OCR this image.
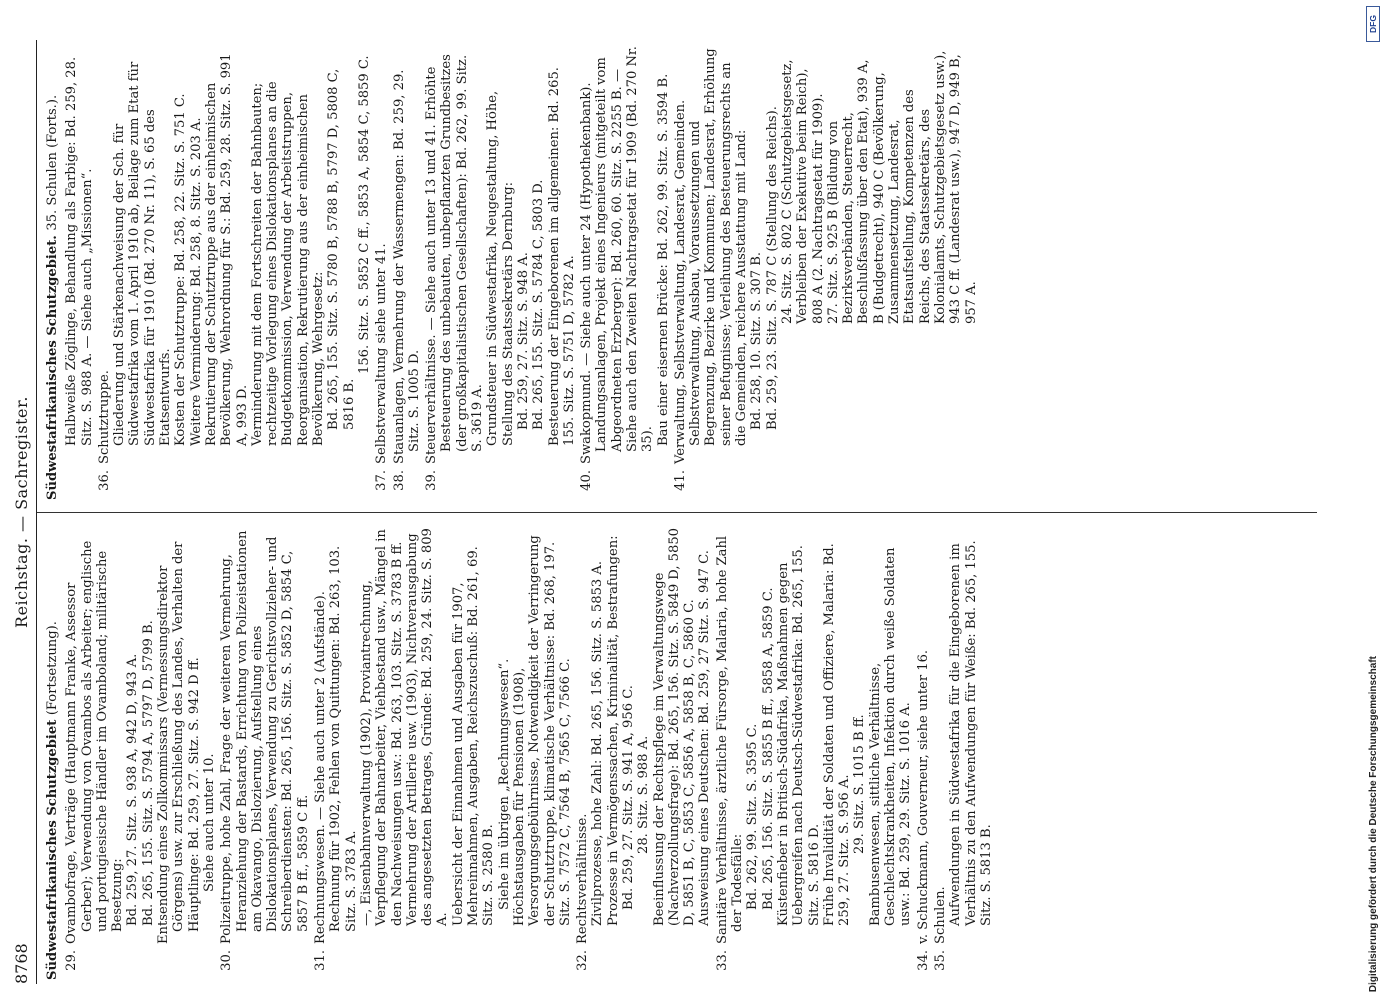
8768
Reichstag. — Sachregister.
Südwestafrikanisches Schutzgebiet (Fortsetzung).
29.
Ovambofrage, Verträge (Hauptmann Franke, Assessor Gerber); Verwendung von Ovambos als Arbeiter; englische und portugiesische Händler im Ovamboland; militärische Besetzung: Bd. 259, 27. Sitz. S. 938 A, 942 D, 943 A. Bd. 265, 155. Sitz. S. 5794 A, 5797 D, 5799 B. Entsendung eines Zollkommissars (Vermessungsdirektor Görgens) usw. zur Erschließung des Landes, Verhalten der Häuptlinge: Bd. 259, 27. Sitz. S. 942 D ff. Siehe auch unter 10.
30.
Polizeitruppe, hohe Zahl, Frage der weiteren Vermehrung, Heranziehung der Bastards, Errichtung von Polizeistationen am Okavango, Dislozierung, Aufstellung eines Dislokationsplanes, Verwendung zu Gerichtsvollzieher- und Schreiberdiensten: Bd. 265, 156. Sitz. S. 5852 D, 5854 C, 5857 B ff., 5859 C ff.
31.
Rechnungswesen. — Siehe auch unter 2 (Aufstände). Rechnung für 1902, Fehlen von Quittungen: Bd. 263, 103. Sitz. S. 3783 A. —, Eisenbahnverwaltung (1902), Proviantrechnung, Verpflegung der Bahnarbeiter, Viehbestand usw., Mängel in den Nachweisungen usw.: Bd. 263, 103. Sitz. S. 3783 B ff. Vermehrung der Artillerie usw. (1903), Nichtverausgabung des angesetzten Betrages, Gründe: Bd. 259, 24. Sitz. S. 809 A. Uebersicht der Einnahmen und Ausgaben für 1907, Mehreinnahmen, Ausgaben, Reichszuschuß: Bd. 261, 69. Sitz. S. 2580 B. Siehe im übrigen „Rechnungswesen“. Höchstausgaben für Pensionen (1908), Versorgungsgebührnisse, Notwendigkeit der Verringerung der Schutztruppe, klimatische Verhältnisse: Bd. 268, 197. Sitz. S. 7572 C, 7564 B, 7565 C, 7566 C.
32.
Rechtsverhältnisse. Zivilprozesse, hohe Zahl: Bd. 265, 156. Sitz. S. 5853 A. Prozesse in Vermögenssachen, Kriminalität, Bestrafungen: Bd. 259, 27. Sitz. S. 941 A, 956 C. 28. Sitz. S. 988 A. Beeinflussung der Rechtspflege im Verwaltungswege (Nachverzollungsfrage): Bd. 265, 156. Sitz. S. 5849 D, 5850 D, 5851 B, C, 5853 C, 5856 A, 5858 B, C, 5860 C. Ausweisung eines Deutschen: Bd. 259, 27 Sitz. S. 947 C.
33.
Sanitäre Verhältnisse, ärztliche Fürsorge, Malaria, hohe Zahl der Todesfälle: Bd. 262, 99. Sitz. S. 3595 C. Bd. 265, 156. Sitz. S. 5855 B ff., 5858 A, 5859 C. Küstenfieber in Britisch-Südafrika, Maßnahmen gegen Uebergreifen nach Deutsch-Südwestafrika: Bd. 265, 155. Sitz. S. 5816 D. Frühe Invalidität der Soldaten und Offiziere, Malaria: Bd. 259, 27. Sitz. S. 956 A. 29. Sitz. S. 1015 B ff. Bambusenwesen, sittliche Verhältnisse, Geschlechtskrankheiten, Infektion durch weiße Soldaten usw.: Bd. 259, 29. Sitz. S. 1016 A.
34.
v. Schuckmann, Gouverneur, siehe unter 16.
35.
Schulen. Aufwendungen in Südwestafrika für die Eingeborenen im Verhältnis zu den Aufwendungen für Weiße: Bd. 265, 155. Sitz. S. 5813 B.
Südwestafrikanisches Schutzgebiet. 35. Schulen (Forts.). Halbweiße Zöglinge, Behandlung als Farbige: Bd. 259, 28. Sitz. S. 988 A. — Siehe auch „Missionen“.
36.
Schutztruppe. Gliederung und Stärkenachweisung der Sch. für Südwestafrika vom 1. April 1910 ab, Beilage zum Etat für Südwestafrika für 1910 (Bd. 270 Nr. 11), S. 65 des Etatsentwurfs. Kosten der Schutztruppe: Bd. 258, 22. Sitz. S. 751 C. Weitere Verminderung: Bd. 258, 8. Sitz. S. 203 A. Rekrutierung der Schutztruppe aus der einheimischen Bevölkerung, Wehrordnung für S.: Bd. 259, 28. Sitz. S. 991 A, 993 D. Verminderung mit dem Fortschreiten der Bahnbauten; rechtzeitige Vorlegung eines Dislokationsplanes an die Budgetkommission, Verwendung der Arbeitstruppen, Reorganisation, Rekrutierung aus der einheimischen Bevölkerung, Wehrgesetz: Bd. 265, 155. Sitz. S. 5780 B, 5788 B, 5797 D, 5808 C, 5816 B.
156. Sitz. S. 5852 C ff., 5853 A, 5854 C, 5859 C.
37.
Selbstverwaltung siehe unter 41.
38.
Stauanlagen, Vermehrung der Wassermengen: Bd. 259, 29. Sitz. S. 1005 D.
39.
Steuerverhältnisse. — Siehe auch unter 13 und 41. Erhöhte Besteuerung des unbebauten, unbepflanzten Grundbesitzes (der großkapitalistischen Gesellschaften): Bd. 262, 99. Sitz. S. 3619 A. Grundsteuer in Südwestafrika, Neugestaltung, Höhe, Stellung des Staatssekretärs Dernburg: Bd. 259, 27. Sitz. S. 948 A. Bd. 265, 155. Sitz. S. 5784 C, 5803 D. Besteuerung der Eingeborenen im allgemeinen: Bd. 265. 155. Sitz. S. 5751 D, 5782 A.
40.
Swakopmund. — Siehe auch unter 24 (Hypothekenbank). Landungsanlagen, Projekt eines Ingenieurs (mitgeteilt vom Abgeordneten Erzberger): Bd. 260, 60. Sitz. S. 2255 B. — Siehe auch den Zweiten Nachtragsetat für 1909 (Bd. 270 Nr. 35). Bau einer eisernen Brücke: Bd. 262, 99. Sitz. S. 3594 B.
41.
Verwaltung, Selbstverwaltung, Landesrat, Gemeinden. Selbstverwaltung, Ausbau, Voraussetzungen und Begrenzung, Bezirke und Kommunen; Landesrat, Erhöhung seiner Befugnisse; Verleihung des Besteuerungsrechts an die Gemeinden, reichere Ausstattung mit Land: Bd. 258, 10. Sitz. S. 307 B. Bd. 259, 23. Sitz. S. 787 C (Stellung des Reichs). 24. Sitz. S. 802 C (Schutzgebietsgesetz, Verbleiben der Exekutive beim Reich), 808 A (2. Nachtragsetat für 1909). 27. Sitz. S. 925 B (Bildung von Bezirksverbänden, Steuerrecht, Beschlußfassung über den Etat), 939 A, B (Budgetrecht), 940 C (Bevölkerung, Zusammensetzung, Landesrat, Etatsaufstellung, Kompetenzen des Reichs, des Staatssekretärs, des Kolonialamts, Schutzgebietsgesetz usw.), 943 C ff. (Landesrat usw.), 947 D, 949 B, 957 A.
DFG
Digitalisierung gefördert durch die Deutsche Forschungsgemeinschaft
